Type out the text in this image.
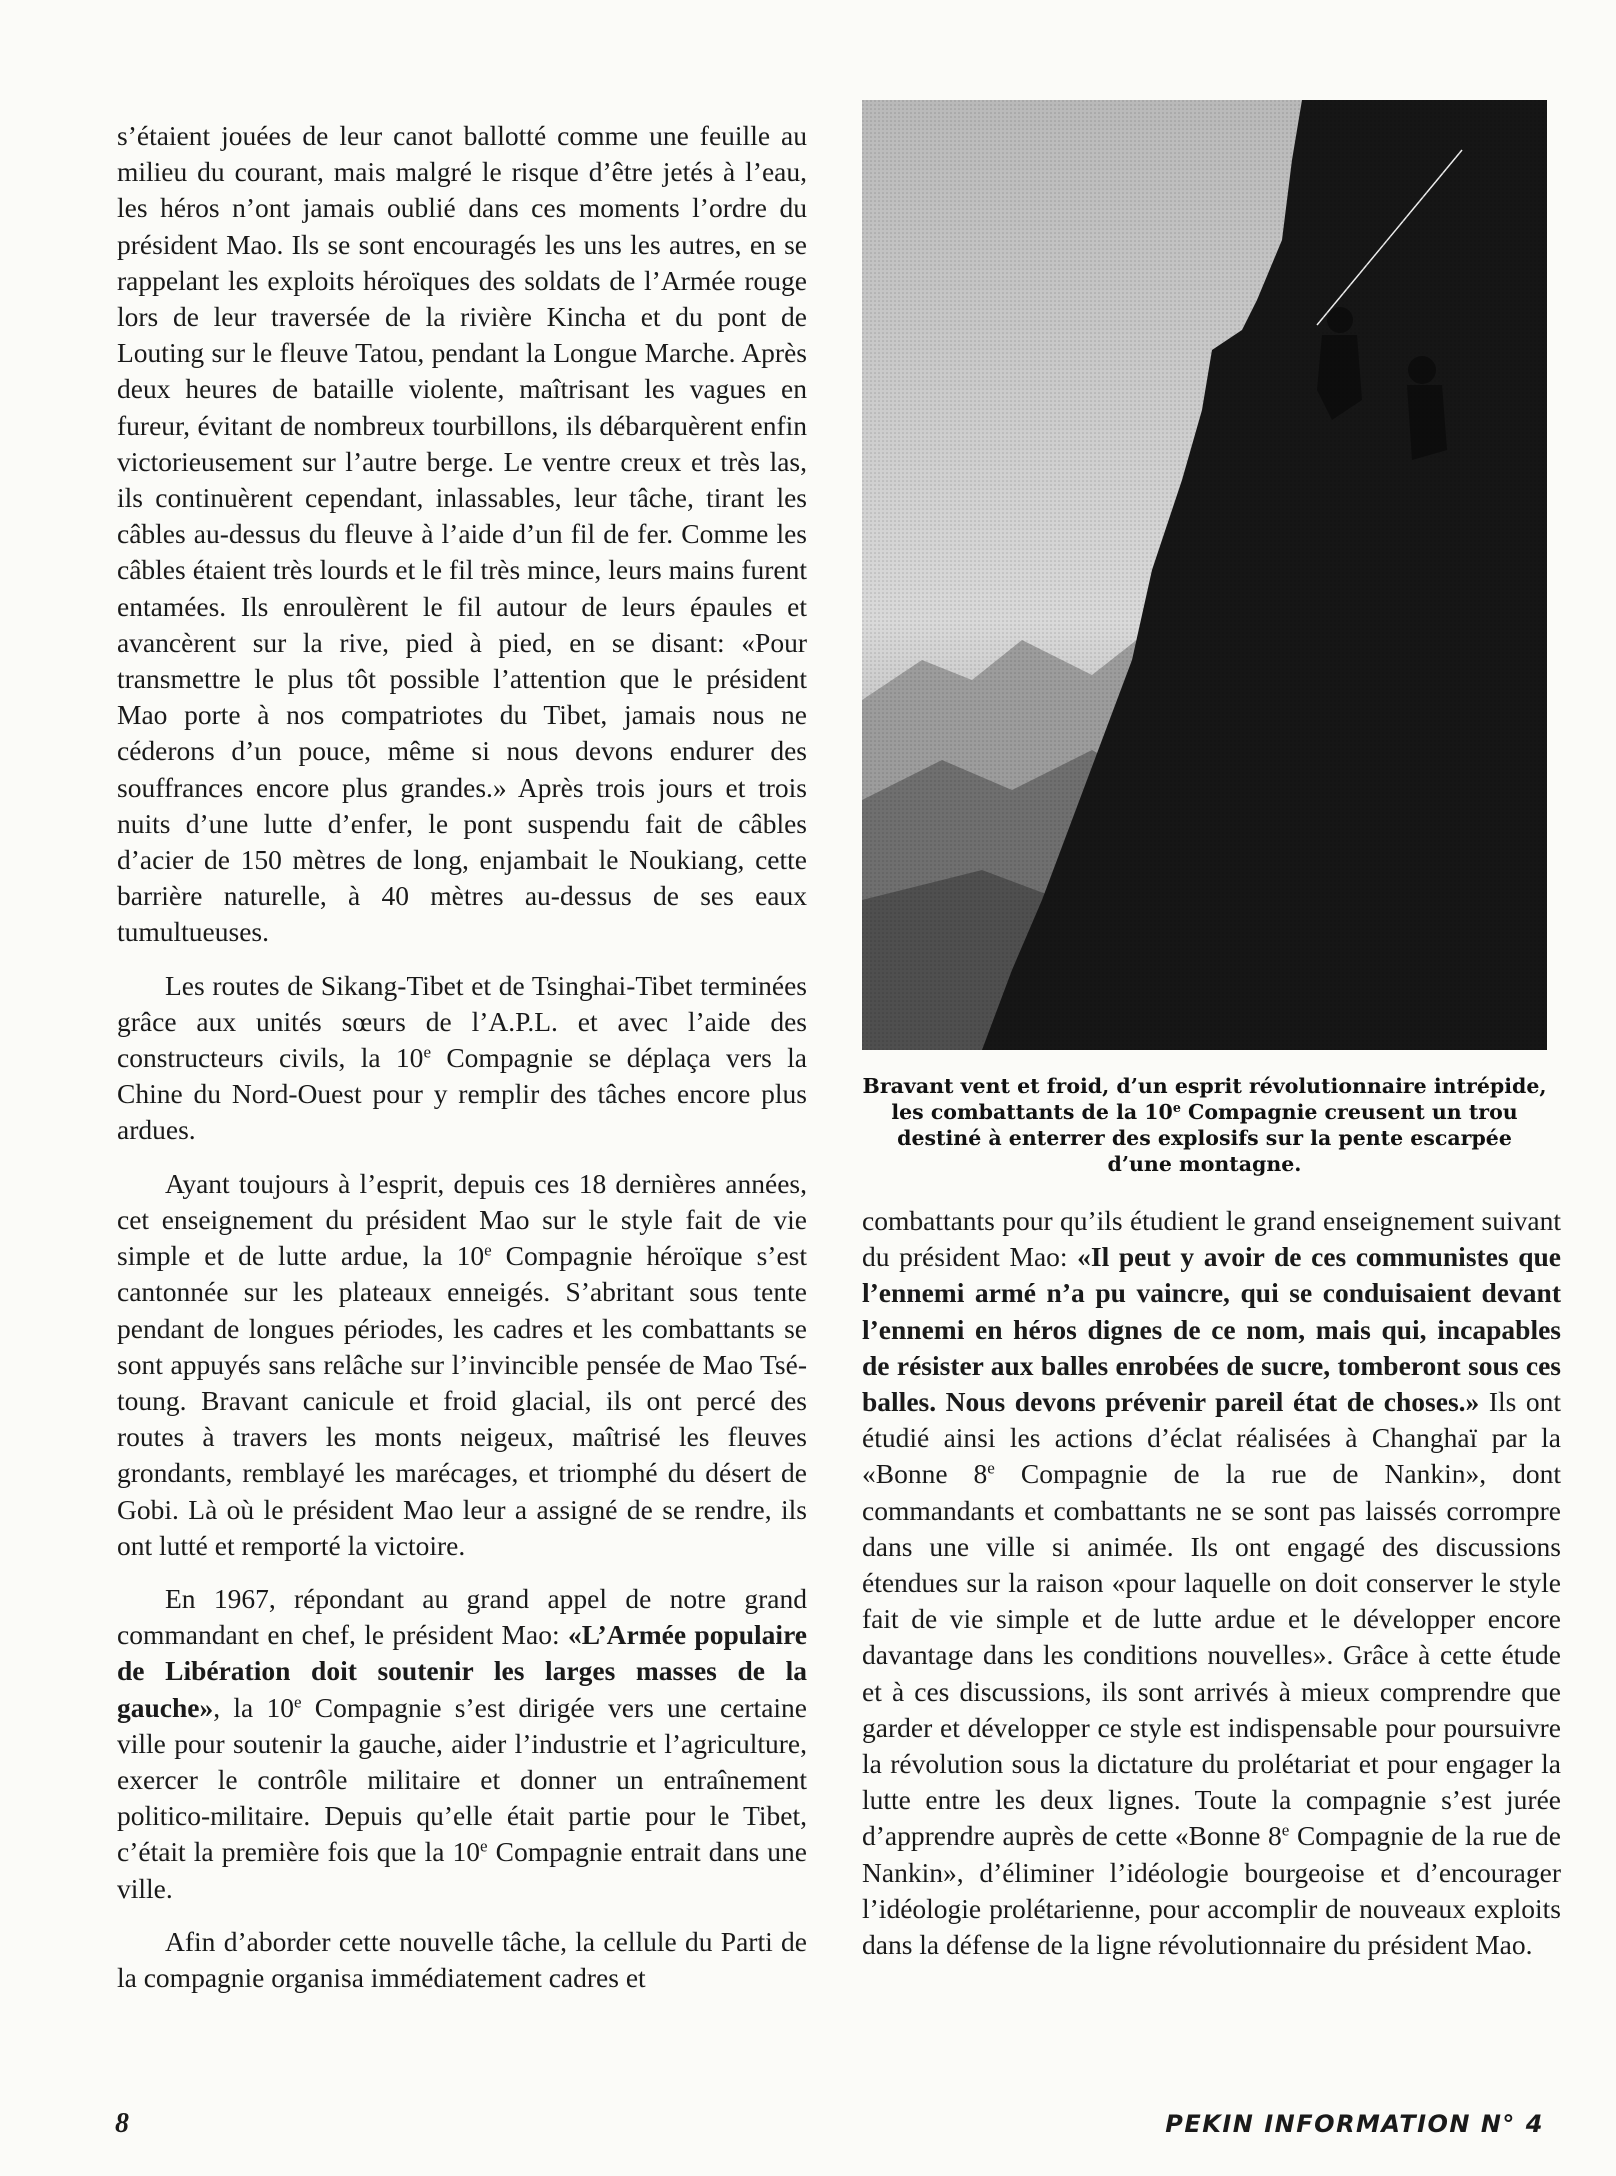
s’étaient jouées de leur canot ballotté comme une feuille au milieu du courant, mais malgré le risque d’être jetés à l’eau, les héros n’ont jamais oublié dans ces moments l’ordre du président Mao. Ils se sont encouragés les uns les autres, en se rappelant les exploits héroïques des soldats de l’Armée rouge lors de leur traversée de la rivière Kincha et du pont de Louting sur le fleuve Tatou, pendant la Longue Marche. Après deux heures de bataille violente, maîtrisant les vagues en fureur, évitant de nombreux tourbillons, ils débarquèrent enfin victorieusement sur l’autre berge. Le ventre creux et très las, ils continuèrent cependant, inlassables, leur tâche, tirant les câbles au-dessus du fleuve à l’aide d’un fil de fer. Comme les câbles étaient très lourds et le fil très mince, leurs mains furent entamées. Ils enroulèrent le fil autour de leurs épaules et avancèrent sur la rive, pied à pied, en se disant: «Pour transmettre le plus tôt possible l’attention que le président Mao porte à nos compatriotes du Tibet, jamais nous ne céderons d’un pouce, même si nous devons endurer des souffrances encore plus grandes.» Après trois jours et trois nuits d’une lutte d’enfer, le pont suspendu fait de câbles d’acier de 150 mètres de long, enjambait le Noukiang, cette barrière naturelle, à 40 mètres au-dessus de ses eaux tumultueuses.

Les routes de Sikang-Tibet et de Tsinghai-Tibet terminées grâce aux unités sœurs de l’A.P.L. et avec l’aide des constructeurs civils, la 10e Compagnie se déplaça vers la Chine du Nord-Ouest pour y remplir des tâches encore plus ardues.

Ayant toujours à l’esprit, depuis ces 18 dernières années, cet enseignement du président Mao sur le style fait de vie simple et de lutte ardue, la 10e Compagnie héroïque s’est cantonnée sur les plateaux enneigés. S’abritant sous tente pendant de longues périodes, les cadres et les combattants se sont appuyés sans relâche sur l’invincible pensée de Mao Tsé-toung. Bravant canicule et froid glacial, ils ont percé des routes à travers les monts neigeux, maîtrisé les fleuves grondants, remblayé les marécages, et triomphé du désert de Gobi. Là où le président Mao leur a assigné de se rendre, ils ont lutté et remporté la victoire.

En 1967, répondant au grand appel de notre grand commandant en chef, le président Mao: «L’Armée populaire de Libération doit soutenir les larges masses de la gauche», la 10e Compagnie s’est dirigée vers une certaine ville pour soutenir la gauche, aider l’industrie et l’agriculture, exercer le contrôle militaire et donner un entraînement politico-militaire. Depuis qu’elle était partie pour le Tibet, c’était la première fois que la 10e Compagnie entrait dans une ville.

Afin d’aborder cette nouvelle tâche, la cellule du Parti de la compagnie organisa immédiatement cadres et

Bravant vent et froid, d’un esprit révolutionnaire intrépide, les combattants de la 10e Compagnie creusent un trou destiné à enterrer des explosifs sur la pente escarpée d’une montagne.

combattants pour qu’ils étudient le grand enseignement suivant du président Mao: «Il peut y avoir de ces communistes que l’ennemi armé n’a pu vaincre, qui se conduisaient devant l’ennemi en héros dignes de ce nom, mais qui, incapables de résister aux balles enrobées de sucre, tomberont sous ces balles. Nous devons prévenir pareil état de choses.» Ils ont étudié ainsi les actions d’éclat réalisées à Changhaï par la «Bonne 8e Compagnie de la rue de Nankin», dont commandants et combattants ne se sont pas laissés corrompre dans une ville si animée. Ils ont engagé des discussions étendues sur la raison «pour laquelle on doit conserver le style fait de vie simple et de lutte ardue et le développer encore davantage dans les conditions nouvelles». Grâce à cette étude et à ces discussions, ils sont arrivés à mieux comprendre que garder et développer ce style est indispensable pour poursuivre la révolution sous la dictature du prolétariat et pour engager la lutte entre les deux lignes. Toute la compagnie s’est jurée d’apprendre auprès de cette «Bonne 8e Compagnie de la rue de Nankin», d’éliminer l’idéologie bourgeoise et d’encourager l’idéologie prolétarienne, pour accomplir de nouveaux exploits dans la défense de la ligne révolutionnaire du président Mao.

8	PEKIN INFORMATION N° 4
